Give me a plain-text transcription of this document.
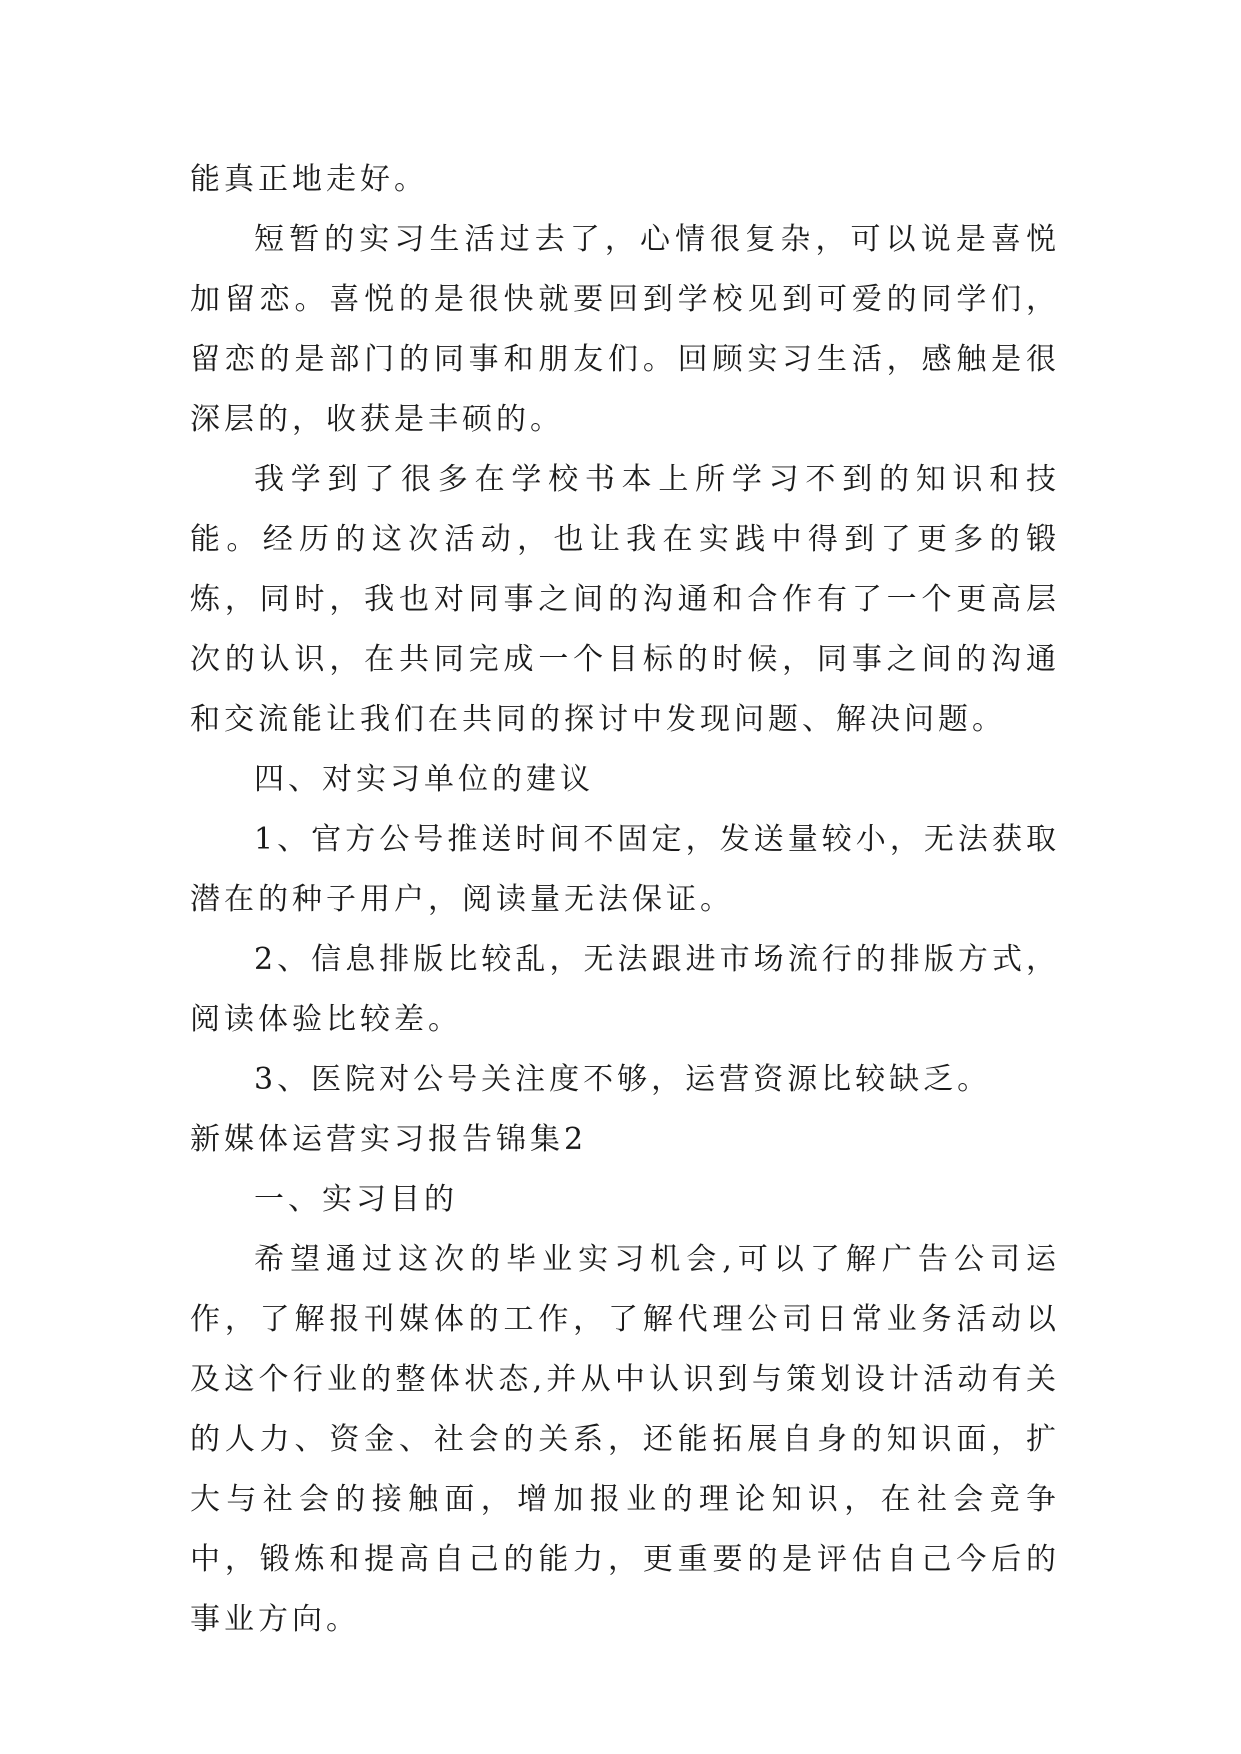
能真正地走好。

短暂的实习生活过去了，心情很复杂，可以说是喜悦加留恋。喜悦的是很快就要回到学校见到可爱的同学们，留恋的是部门的同事和朋友们。回顾实习生活，感触是很深层的，收获是丰硕的。

我学到了很多在学校书本上所学习不到的知识和技能。经历的这次活动，也让我在实践中得到了更多的锻炼，同时，我也对同事之间的沟通和合作有了一个更高层次的认识，在共同完成一个目标的时候，同事之间的沟通和交流能让我们在共同的探讨中发现问题、解决问题。

四、对实习单位的建议

1、官方公号推送时间不固定，发送量较小，无法获取潜在的种子用户，阅读量无法保证。

2、信息排版比较乱，无法跟进市场流行的排版方式，阅读体验比较差。

3、医院对公号关注度不够，运营资源比较缺乏。

新媒体运营实习报告锦集2

一、实习目的

希望通过这次的毕业实习机会,可以了解广告公司运作，了解报刊媒体的工作，了解代理公司日常业务活动以及这个行业的整体状态,并从中认识到与策划设计活动有关的人力、资金、社会的关系，还能拓展自身的知识面，扩大与社会的接触面，增加报业的理论知识，在社会竞争中，锻炼和提高自己的能力，更重要的是评估自己今后的事业方向。
